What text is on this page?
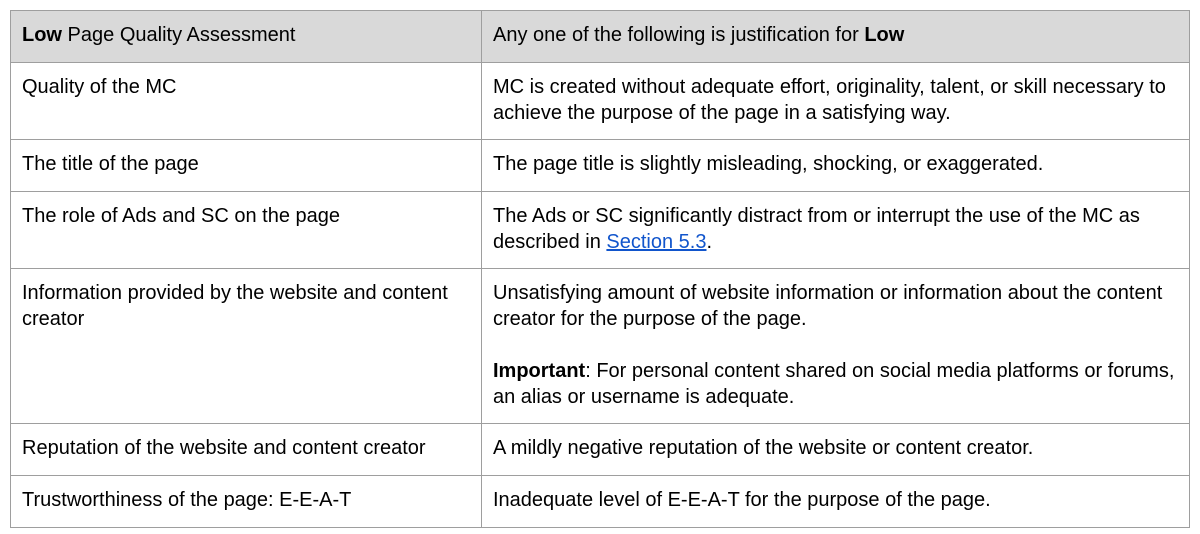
Low Page Quality Assessment	Any one of the following is justification for Low
Quality of the MC	MC is created without adequate effort, originality, talent, or skill necessary to achieve the purpose of the page in a satisfying way.
The title of the page	The page title is slightly misleading, shocking, or exaggerated.
The role of Ads and SC on the page	The Ads or SC significantly distract from or interrupt the use of the MC as described in Section 5.3.
Information provided by the website and content creator	Unsatisfying amount of website information or information about the content creator for the purpose of the page.
Important: For personal content shared on social media platforms or forums, an alias or username is adequate.
Reputation of the website and content creator	A mildly negative reputation of the website or content creator.
Trustworthiness of the page: E-E-A-T	Inadequate level of E-E-A-T for the purpose of the page.
